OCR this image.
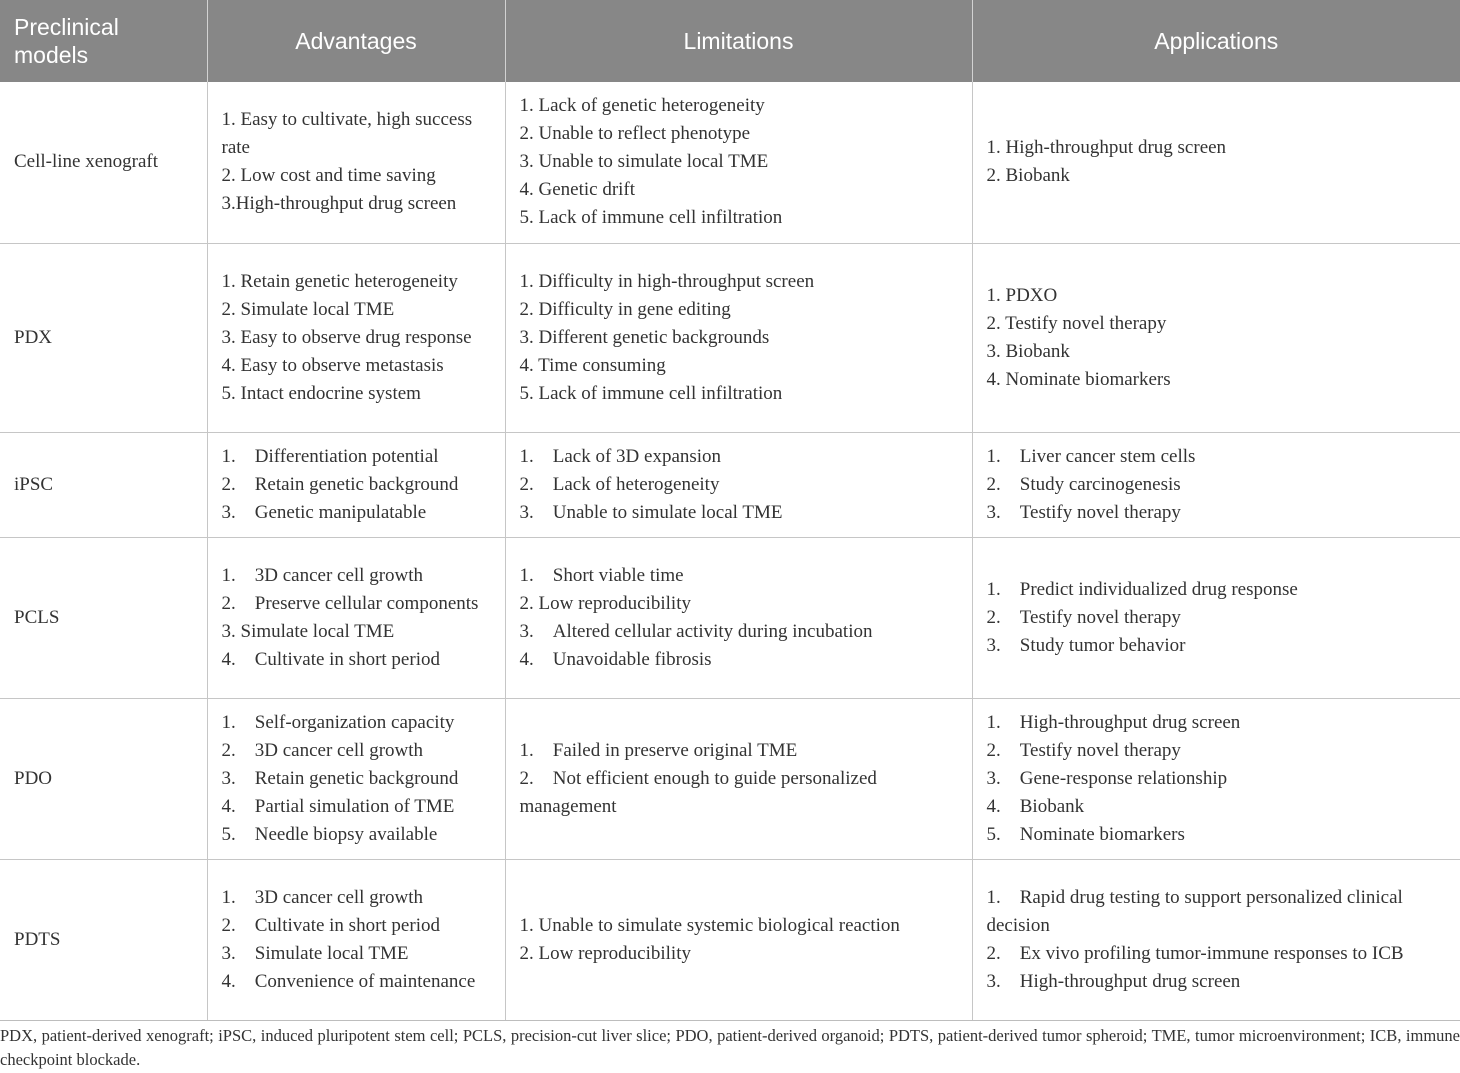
Preclinical models	Advantages	Limitations	Applications
Cell-line xenograft	1. Easy to cultivate, high success rate
2. Low cost and time saving
3.High-throughput drug screen	1. Lack of genetic heterogeneity
2. Unable to reflect phenotype
3. Unable to simulate local TME
4. Genetic drift
5. Lack of immune cell infiltration	1. High-throughput drug screen
2. Biobank

PDX	1. Retain genetic heterogeneity
2. Simulate local TME
3. Easy to observe drug response
4. Easy to observe metastasis
5. Intact endocrine system	1. Difficulty in high-throughput screen
2. Difficulty in gene editing
3. Different genetic backgrounds
4. Time consuming
5. Lack of immune cell infiltration	1. PDXO
2. Testify novel therapy
3. Biobank
4. Nominate biomarkers

iPSC	1. Differentiation potential
2. Retain genetic background
3. Genetic manipulatable	1. Lack of 3D expansion
2. Lack of heterogeneity
3. Unable to simulate local TME	1. Liver cancer stem cells
2. Study carcinogenesis
3. Testify novel therapy

PCLS	1. 3D cancer cell growth
2. Preserve cellular components
3. Simulate local TME
4. Cultivate in short period	1. Short viable time
2. Low reproducibility
3. Altered cellular activity during incubation
4. Unavoidable fibrosis	1. Predict individualized drug response
2. Testify novel therapy
3. Study tumor behavior

PDO	1. Self-organization capacity
2. 3D cancer cell growth
3. Retain genetic background
4. Partial simulation of TME
5. Needle biopsy available	1. Failed in preserve original TME
2. Not efficient enough to guide personalized management	1. High-throughput drug screen
2. Testify novel therapy
3. Gene-response relationship
4. Biobank
5. Nominate biomarkers

PDTS	1. 3D cancer cell growth
2. Cultivate in short period
3. Simulate local TME
4. Convenience of maintenance	1. Unable to simulate systemic biological reaction
2. Low reproducibility	1. Rapid drug testing to support personalized clinical decision
2. Ex vivo profiling tumor-immune responses to ICB
3. High-throughput drug screen
PDX, patient-derived xenograft; iPSC, induced pluripotent stem cell; PCLS, precision-cut liver slice; PDO, patient-derived organoid; PDTS, patient-derived tumor spheroid; TME, tumor microenvironment; ICB, immune checkpoint blockade.
